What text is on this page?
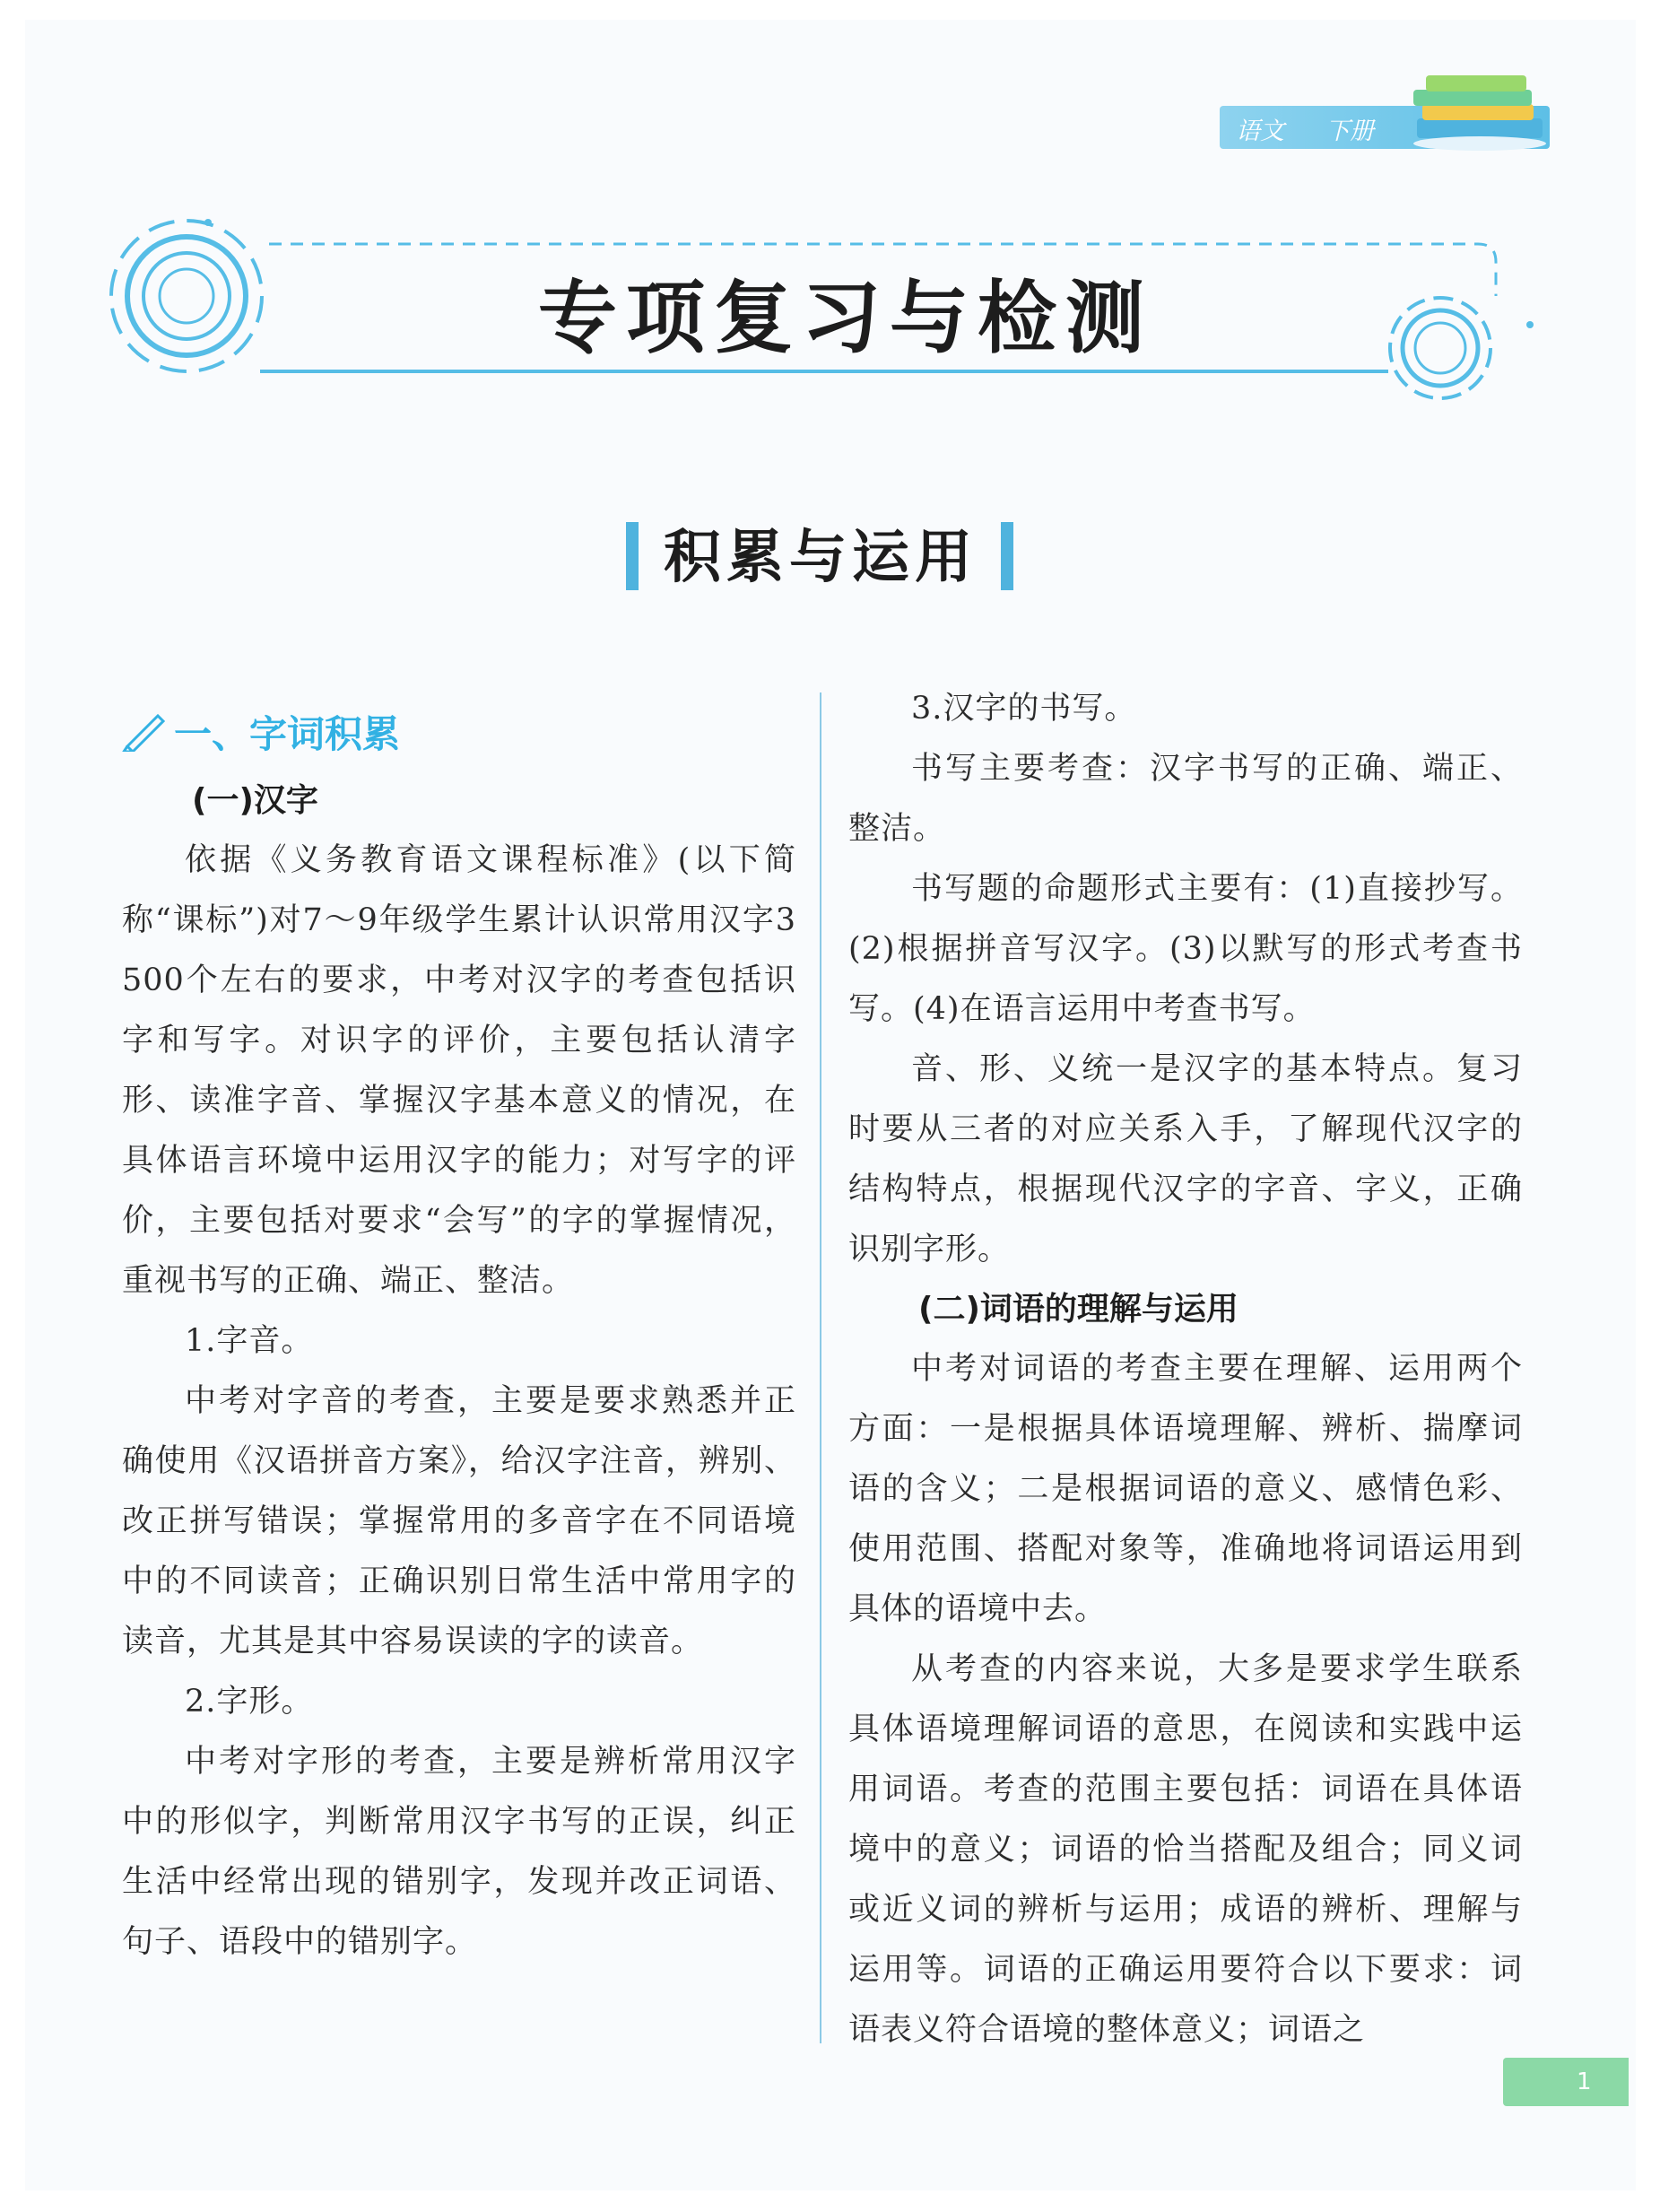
语文 下册
专项复习与检测
积累与运用
一、字词积累
(一)汉字

依据《义务教育语文课程标准》(以下简称“课标”)对7～9年级学生累计认识常用汉字3 500个左右的要求，中考对汉字的考查包括识字和写字。对识字的评价，主要包括认清字形、读准字音、掌握汉字基本意义的情况，在具体语言环境中运用汉字的能力；对写字的评价，主要包括对要求“会写”的字的掌握情况，重视书写的正确、端正、整洁。

1.字音。

中考对字音的考查，主要是要求熟悉并正确使用《汉语拼音方案》，给汉字注音，辨别、改正拼写错误；掌握常用的多音字在不同语境中的不同读音；正确识别日常生活中常用字的读音，尤其是其中容易误读的字的读音。

2.字形。

中考对字形的考查，主要是辨析常用汉字中的形似字，判断常用汉字书写的正误，纠正生活中经常出现的错别字，发现并改正词语、句子、语段中的错别字。

3.汉字的书写。

书写主要考查：汉字书写的正确、端正、整洁。

书写题的命题形式主要有：(1)直接抄写。(2)根据拼音写汉字。(3)以默写的形式考查书写。(4)在语言运用中考查书写。

音、形、义统一是汉字的基本特点。复习时要从三者的对应关系入手，了解现代汉字的结构特点，根据现代汉字的字音、字义，正确识别字形。

(二)词语的理解与运用

中考对词语的考查主要在理解、运用两个方面：一是根据具体语境理解、辨析、揣摩词语的含义；二是根据词语的意义、感情色彩、使用范围、搭配对象等，准确地将词语运用到具体的语境中去。

从考查的内容来说，大多是要求学生联系具体语境理解词语的意思，在阅读和实践中运用词语。考查的范围主要包括：词语在具体语境中的意义；词语的恰当搭配及组合；同义词或近义词的辨析与运用；成语的辨析、理解与运用等。词语的正确运用要符合以下要求：词语表义符合语境的整体意义；词语之

1
